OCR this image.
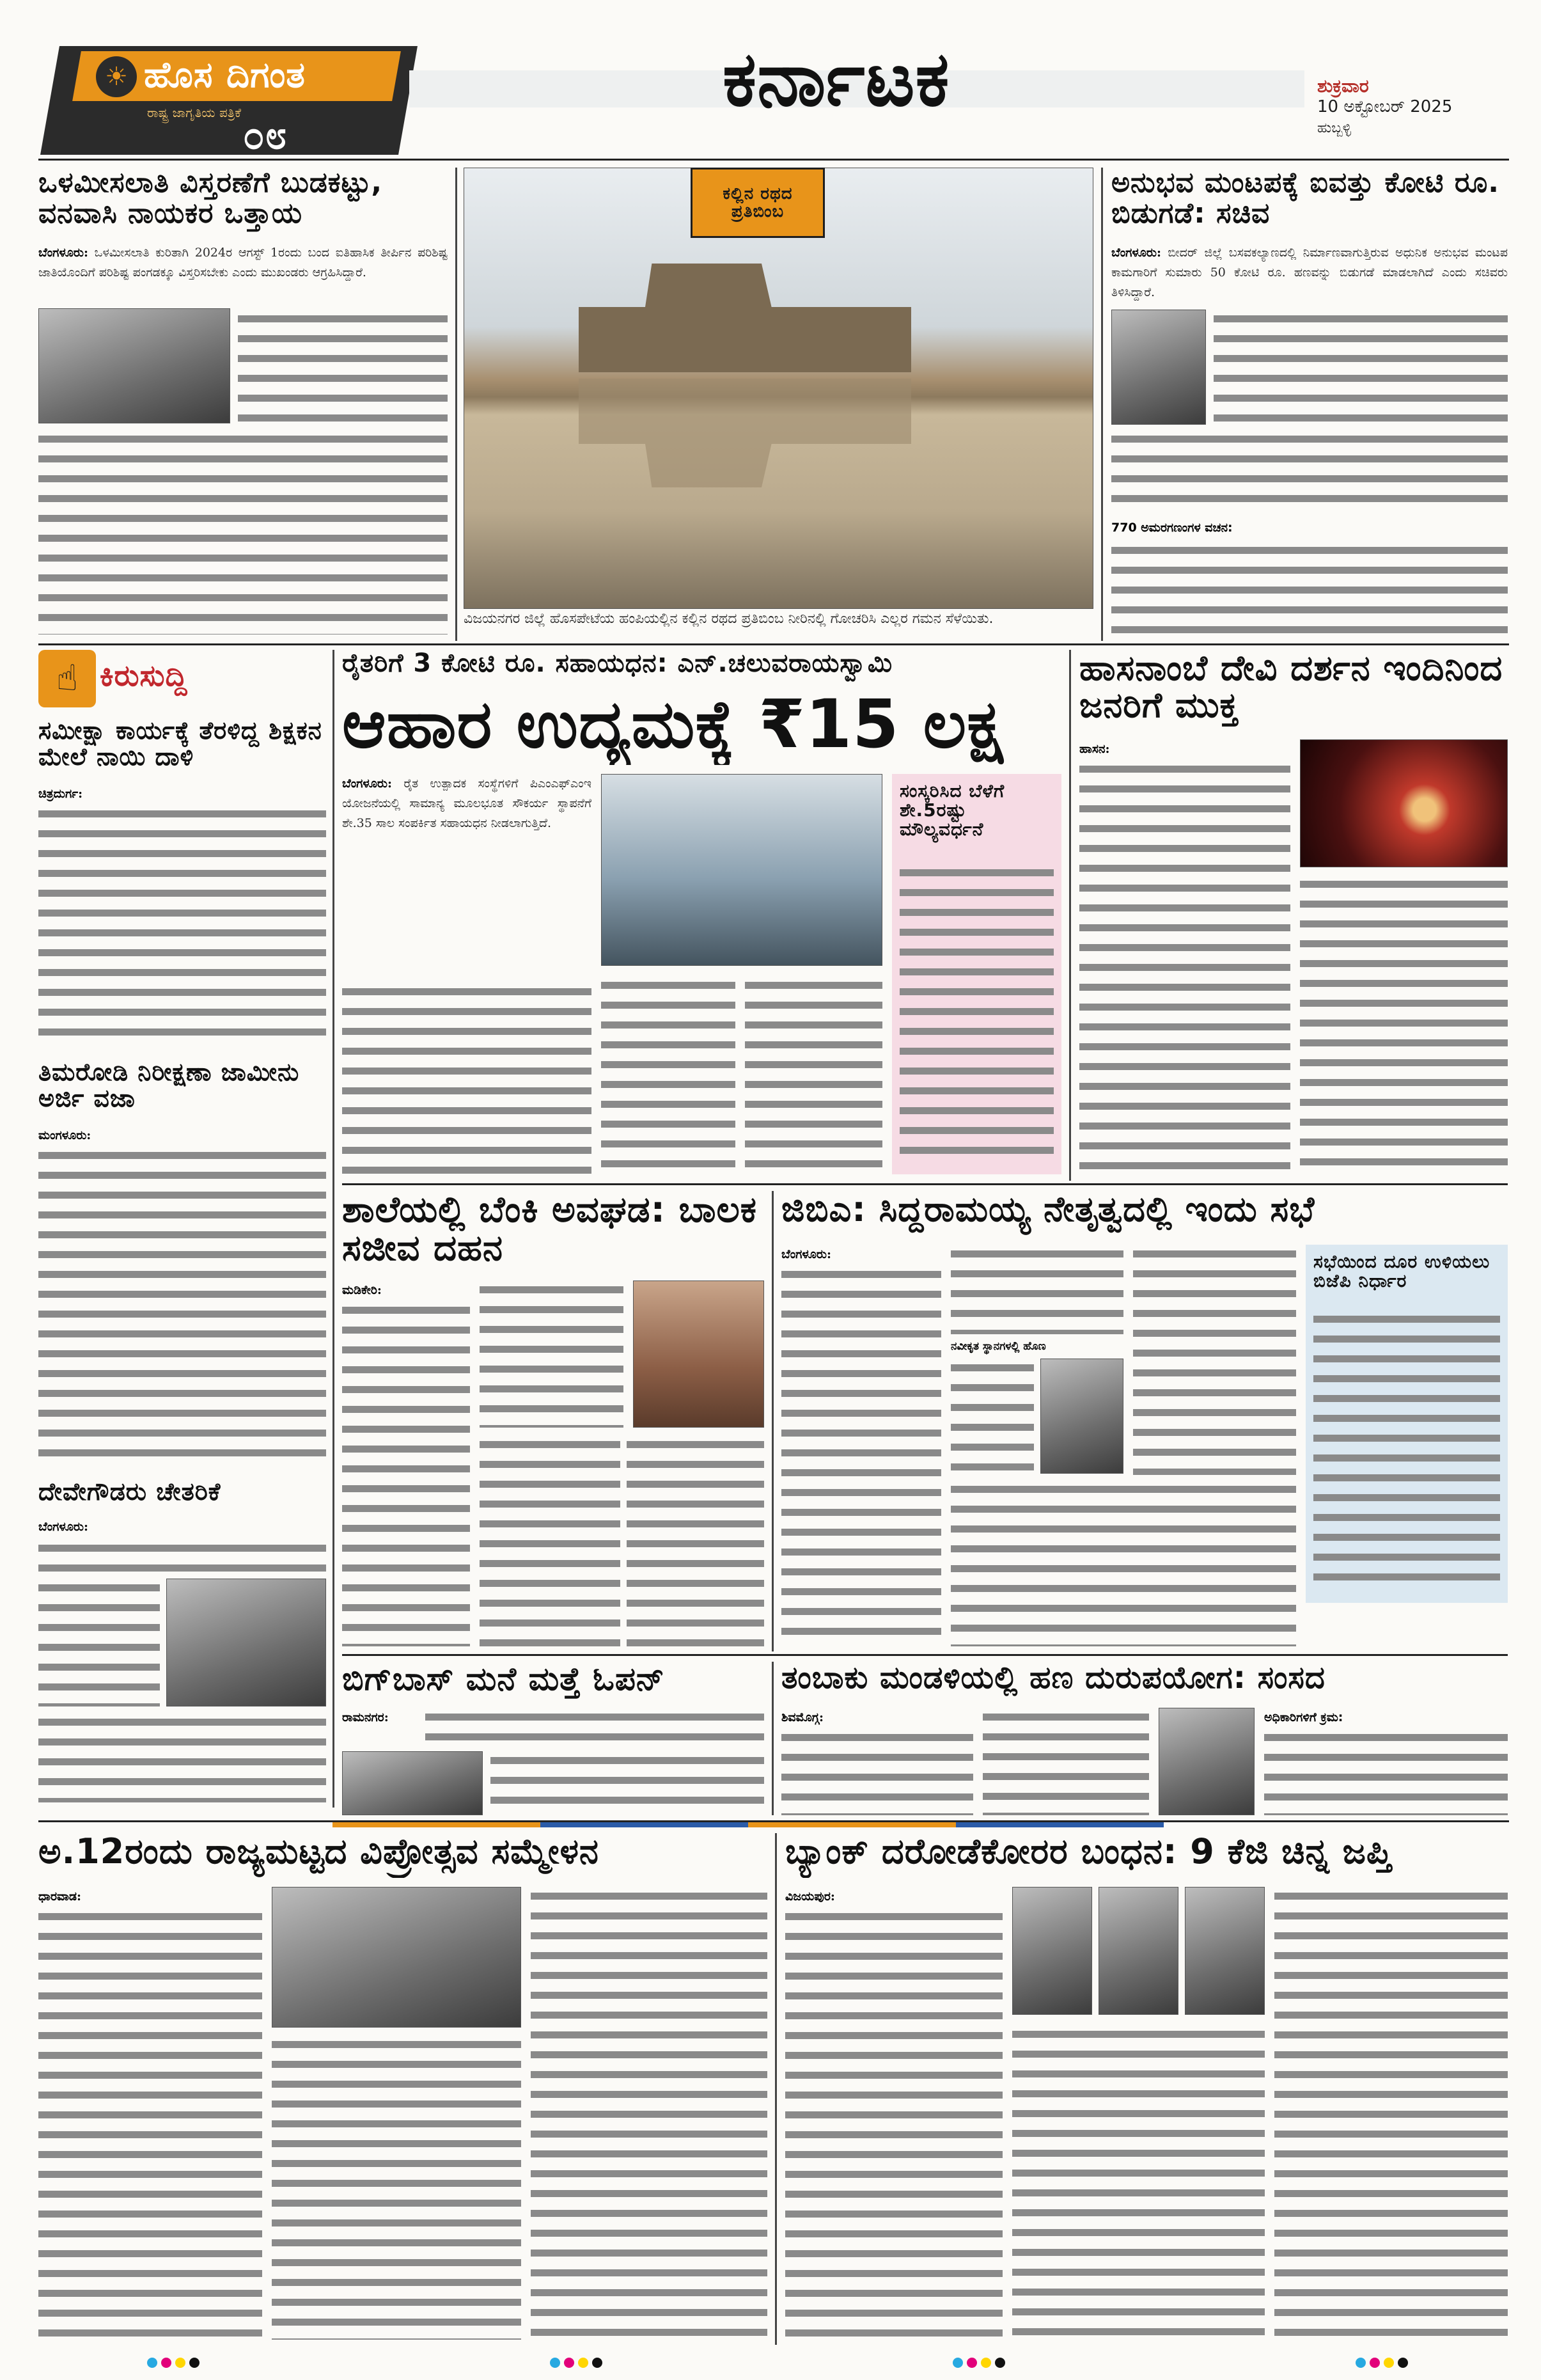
☀ ಹೊಸ ದಿಗಂತ
ರಾಷ್ಟ್ರ ಜಾಗೃತಿಯ ಪತ್ರಿಕೆ
೦೮
ಕರ್ನಾಟಕ	ಶುಕ್ರವಾರ
10 ಅಕ್ಟೋಬರ್ 2025
ಹುಬ್ಬಳ್ಳಿ
ಒಳಮೀಸಲಾತಿ ವಿಸ್ತರಣೆಗೆ ಬುಡಕಟ್ಟು, ವನವಾಸಿ ನಾಯಕರ ಒತ್ತಾಯ
ಬೆಂಗಳೂರು: ಒಳಮೀಸಲಾತಿ ಕುರಿತಾಗಿ 2024ರ ಆಗಸ್ಟ್ 1ರಂದು ಬಂದ ಐತಿಹಾಸಿಕ ತೀರ್ಪಿನ ಪರಿಶಿಷ್ಟ ಜಾತಿಯೊಂದಿಗೆ ಪರಿಶಿಷ್ಟ ಪಂಗಡಕ್ಕೂ ವಿಸ್ತರಿಸಬೇಕು ಎಂದು ಮುಖಂಡರು ಆಗ್ರಹಿಸಿದ್ದಾರೆ.
ಕಲ್ಲಿನ ರಥದ ಪ್ರತಿಬಿಂಬ
ವಿಜಯನಗರ ಜಿಲ್ಲೆ ಹೊಸಪೇಟೆಯ ಹಂಪಿಯಲ್ಲಿನ ಕಲ್ಲಿನ ರಥದ ಪ್ರತಿಬಿಂಬ ನೀರಿನಲ್ಲಿ ಗೋಚರಿಸಿ ಎಲ್ಲರ ಗಮನ ಸೆಳೆಯಿತು.
ಅನುಭವ ಮಂಟಪಕ್ಕೆ ಐವತ್ತು ಕೋಟಿ ರೂ. ಬಿಡುಗಡೆ: ಸಚಿವ
ಬೆಂಗಳೂರು: ಬೀದರ್ ಜಿಲ್ಲೆ ಬಸವಕಲ್ಯಾಣದಲ್ಲಿ ನಿರ್ಮಾಣವಾಗುತ್ತಿರುವ ಅಧುನಿಕ ಅನುಭವ ಮಂಟಪ ಕಾಮಗಾರಿಗೆ ಸುಮಾರು 50 ಕೋಟಿ ರೂ. ಹಣವನ್ನು ಬಿಡುಗಡೆ ಮಾಡಲಾಗಿದೆ ಎಂದು ಸಚಿವರು ತಿಳಿಸಿದ್ದಾರೆ.
770 ಅಮರಗಣಂಗಳ ವಚನ:
☝ ಕಿರುಸುದ್ದಿ
ಸಮೀಕ್ಷಾ ಕಾರ್ಯಕ್ಕೆ ತೆರಳಿದ್ದ ಶಿಕ್ಷಕನ ಮೇಲೆ ನಾಯಿ ದಾಳಿ
ಚಿತ್ರದುರ್ಗ:
ತಿಮರೋಡಿ ನಿರೀಕ್ಷಣಾ ಜಾಮೀನು ಅರ್ಜಿ ವಜಾ
ಮಂಗಳೂರು:
ದೇವೇಗೌಡರು ಚೇತರಿಕೆ
ಬೆಂಗಳೂರು:
ರೈತರಿಗೆ 3 ಕೋಟಿ ರೂ. ಸಹಾಯಧನ: ಎನ್.ಚಲುವರಾಯಸ್ವಾಮಿ
ಆಹಾರ ಉದ್ಯಮಕ್ಕೆ ₹15 ಲಕ್ಷ
ಬೆಂಗಳೂರು: ರೈತ ಉತ್ಪಾದಕ ಸಂಸ್ಥೆಗಳಿಗೆ ಪಿಎಂಎಫ್‌ಎಂಇ ಯೋಜನೆಯಲ್ಲಿ ಸಾಮಾನ್ಯ ಮೂಲಭೂತ ಸೌಕರ್ಯ ಸ್ಥಾಪನೆಗೆ ಶೇ.35 ಸಾಲ ಸಂಪರ್ಕಿತ ಸಹಾಯಧನ ನೀಡಲಾಗುತ್ತಿದೆ.
ಸಂಸ್ಕರಿಸಿದ ಬೆಳೆಗೆ ಶೇ.5ರಷ್ಟು ಮೌಲ್ಯವರ್ಧನೆ
ಹಾಸನಾಂಬೆ ದೇವಿ ದರ್ಶನ ಇಂದಿನಿಂದ ಜನರಿಗೆ ಮುಕ್ತ
ಹಾಸನ:
ಶಾಲೆಯಲ್ಲಿ ಬೆಂಕಿ ಅವಘಡ: ಬಾಲಕ ಸಜೀವ ದಹನ
ಮಡಿಕೇರಿ:
ಜಿಬಿಎ: ಸಿದ್ದರಾಮಯ್ಯ ನೇತೃತ್ವದಲ್ಲಿ ಇಂದು ಸಭೆ
ಬೆಂಗಳೂರು:
ನವೀಕೃತ ಸ್ಥಾನಗಳಲ್ಲಿ ಹೊಣ
ಸಭೆಯಿಂದ ದೂರ ಉಳಿಯಲು ಬಿಜೆಪಿ ನಿರ್ಧಾರ
ಬಿಗ್‌ಬಾಸ್ ಮನೆ ಮತ್ತೆ ಓಪನ್
ರಾಮನಗರ:
ತಂಬಾಕು ಮಂಡಳಿಯಲ್ಲಿ ಹಣ ದುರುಪಯೋಗ: ಸಂಸದ
ಶಿವಮೊಗ್ಗ:	ಅಧಿಕಾರಿಗಳಿಗೆ ಕ್ರಮ:
ಅ.12ರಂದು ರಾಜ್ಯಮಟ್ಟದ ವಿಪ್ರೋತ್ಸವ ಸಮ್ಮೇಳನ
ಧಾರವಾಡ:
ಬ್ಯಾಂಕ್ ದರೋಡೆಕೋರರ ಬಂಧನ: 9 ಕೆಜಿ ಚಿನ್ನ ಜಪ್ತಿ
ವಿಜಯಪುರ:
